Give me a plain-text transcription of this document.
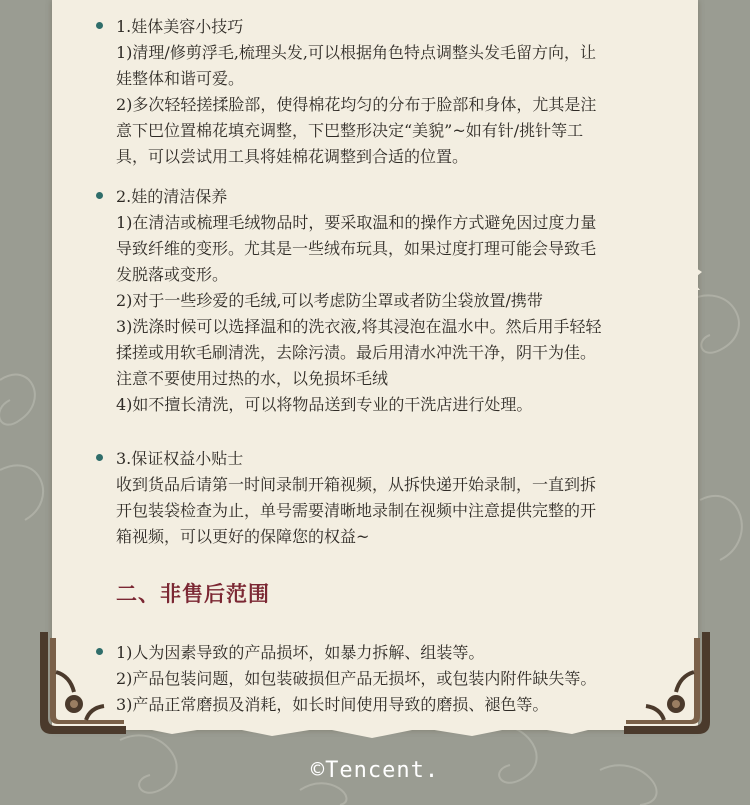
1.娃体美容小技巧
1)清理/修剪浮毛,梳理头发,可以根据角色特点调整头发毛留方向，让
娃整体和谐可爱。
2)多次轻轻搓揉脸部，使得棉花均匀的分布于脸部和身体，尤其是注
意下巴位置棉花填充调整，下巴整形决定“美貌”~如有针/挑针等工
具，可以尝试用工具将娃棉花调整到合适的位置。
2.娃的清洁保养
1)在清洁或梳理毛绒物品时，要采取温和的操作方式避免因过度力量
导致纤维的变形。尤其是一些绒布玩具，如果过度打理可能会导致毛
发脱落或变形。
2)对于一些珍爱的毛绒,可以考虑防尘罩或者防尘袋放置/携带
3)洗涤时候可以选择温和的洗衣液,将其浸泡在温水中。然后用手轻轻
揉搓或用软毛刷清洗，去除污渍。最后用清水冲洗干净，阴干为佳。
注意不要使用过热的水，以免损坏毛绒
4)如不擅长清洗，可以将物品送到专业的干洗店进行处理。
3.保证权益小贴士
收到货品后请第一时间录制开箱视频，从拆快递开始录制，一直到拆
开包装袋检查为止，单号需要清晰地录制在视频中注意提供完整的开
箱视频，可以更好的保障您的权益~
1)人为因素导致的产品损坏，如暴力拆解、组装等。
2)产品包装问题，如包装破损但产品无损坏，或包装内附件缺失等。
3)产品正常磨损及消耗，如长时间使用导致的磨损、褪色等。
二、非售后范围
©Tencent.
